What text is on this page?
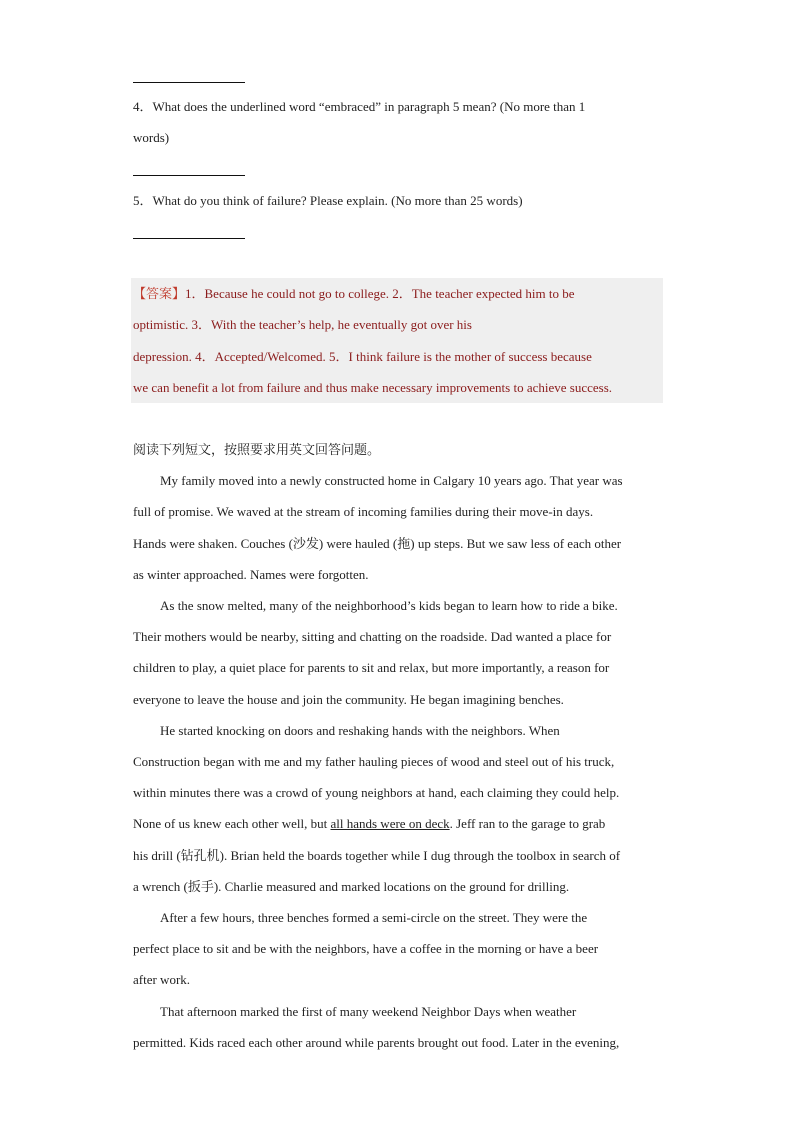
4．What does the underlined word “embraced” in paragraph 5 mean? (No more than 1
words)
5．What do you think of failure? Please explain. (No more than 25 words)
【答案】1．Because he could not go to college. 2．The teacher expected him to be
optimistic. 3．With the teacher’s help, he eventually got over his
depression. 4．Accepted/Welcomed. 5．I think failure is the mother of success because
we can benefit a lot from failure and thus make necessary improvements to achieve success.
阅读下列短文，按照要求用英文回答问题。
My family moved into a newly constructed home in Calgary 10 years ago. That year was
full of promise. We waved at the stream of incoming families during their move-in days.
Hands were shaken. Couches (沙发) were hauled (拖) up steps. But we saw less of each other
as winter approached. Names were forgotten.
As the snow melted, many of the neighborhood’s kids began to learn how to ride a bike.
Their mothers would be nearby, sitting and chatting on the roadside. Dad wanted a place for
children to play, a quiet place for parents to sit and relax, but more importantly, a reason for
everyone to leave the house and join the community. He began imagining benches.
He started knocking on doors and reshaking hands with the neighbors. When
Construction began with me and my father hauling pieces of wood and steel out of his truck,
within minutes there was a crowd of young neighbors at hand, each claiming they could help.
None of us knew each other well, but all hands were on deck. Jeff ran to the garage to grab
his drill (钻孔机). Brian held the boards together while I dug through the toolbox in search of
a wrench (扳手). Charlie measured and marked locations on the ground for drilling.
After a few hours, three benches formed a semi-circle on the street. They were the
perfect place to sit and be with the neighbors, have a coffee in the morning or have a beer
after work.
That afternoon marked the first of many weekend Neighbor Days when weather
permitted. Kids raced each other around while parents brought out food. Later in the evening,
